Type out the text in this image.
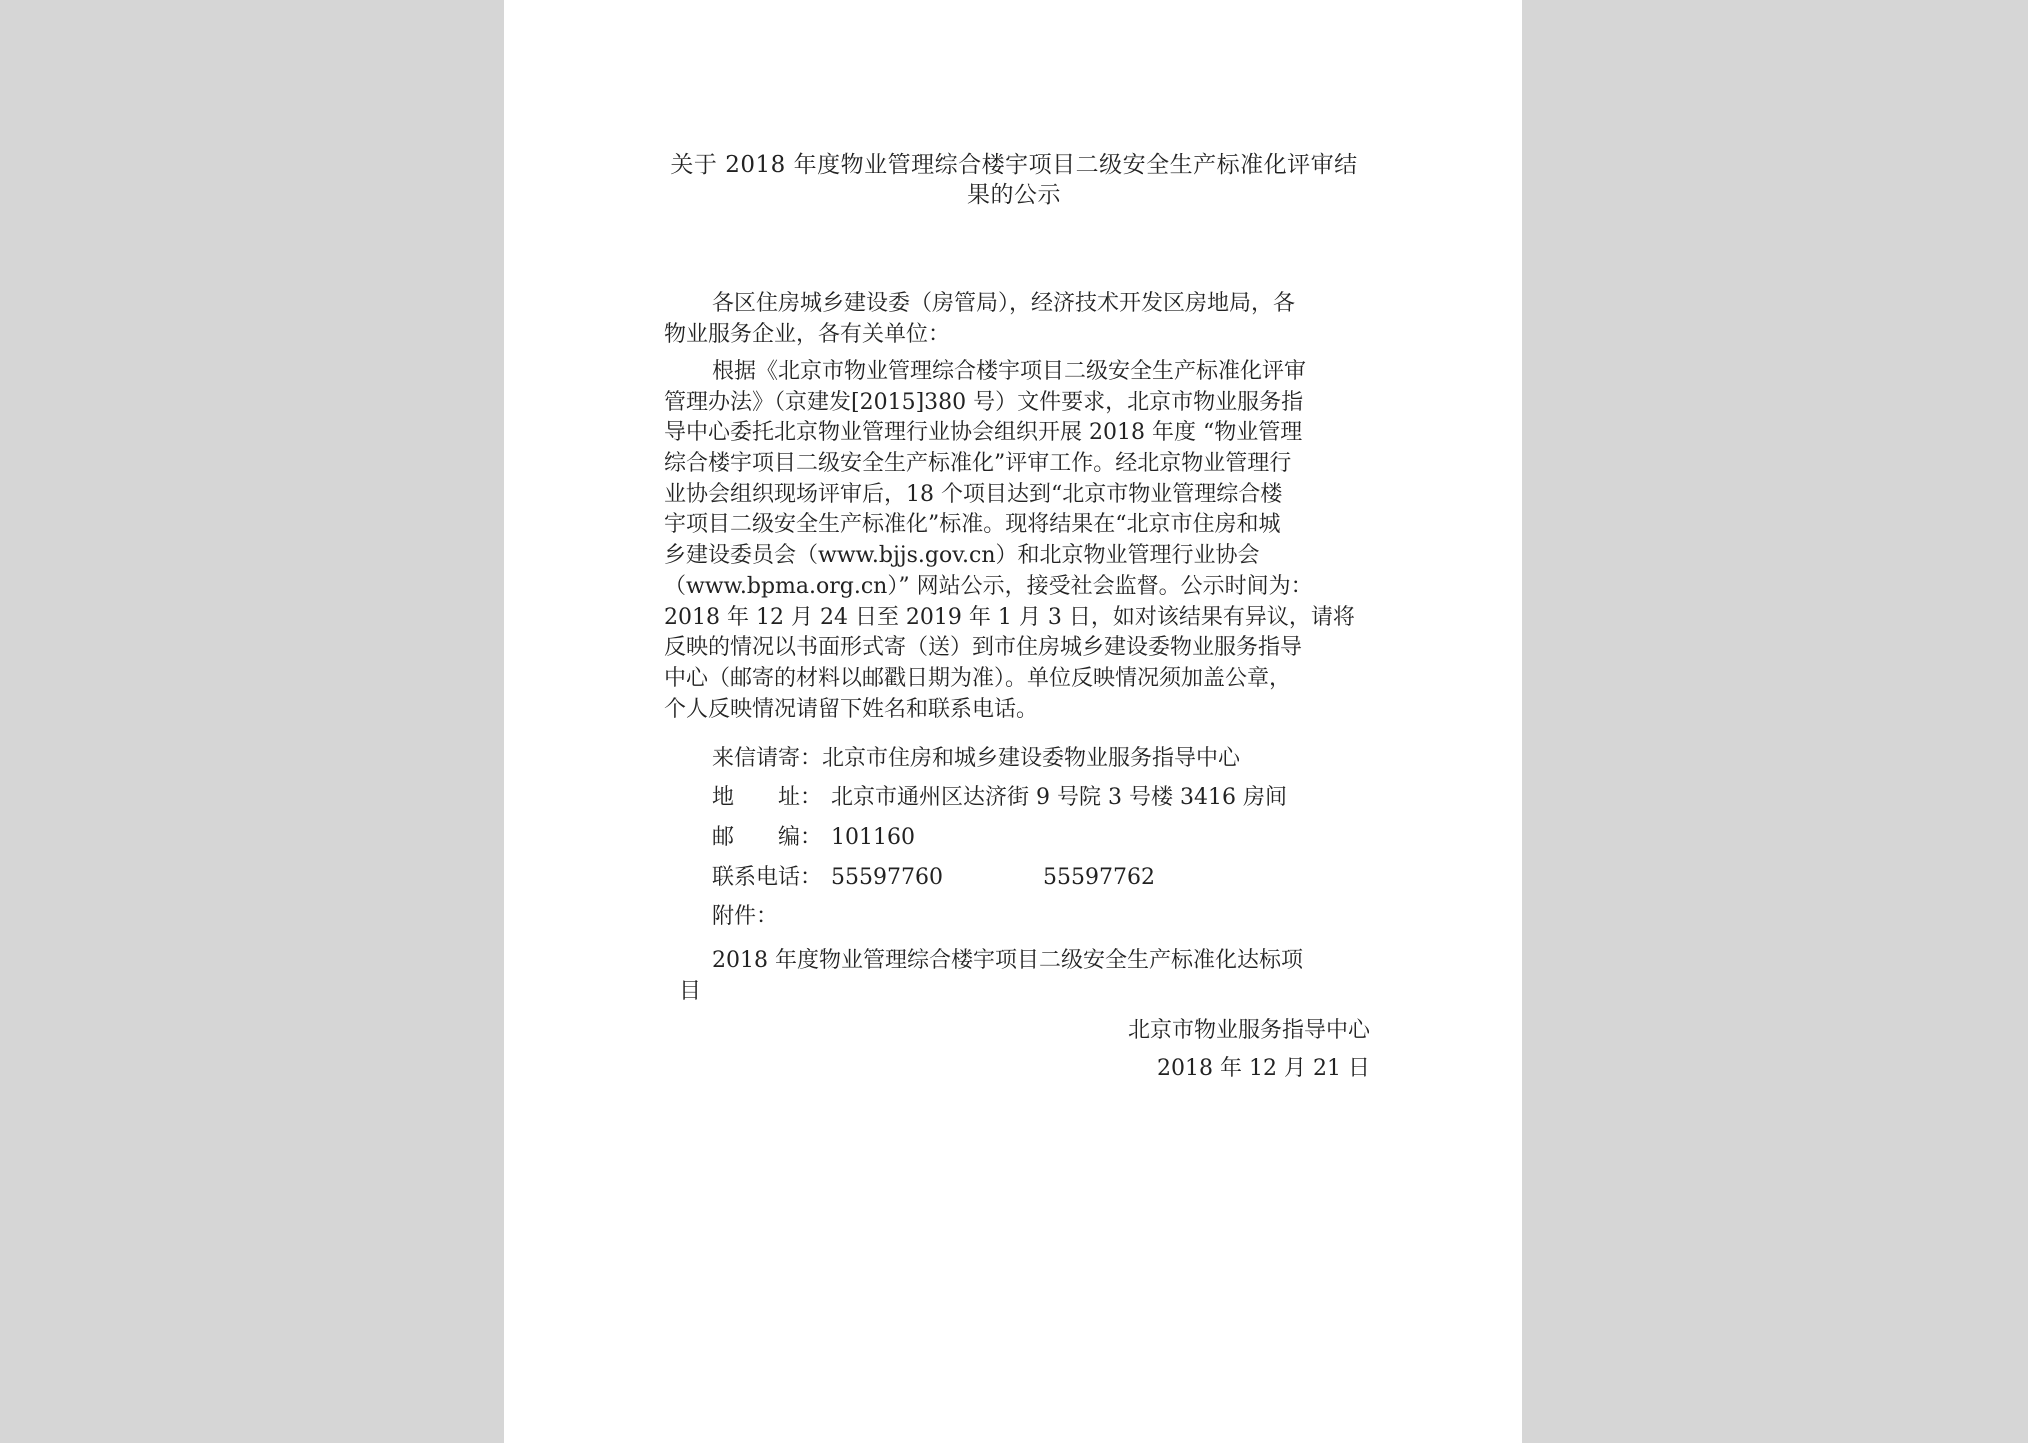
关于 2018 年度物业管理综合楼宇项目二级安全生产标准化评审结
果的公示
各区住房城乡建设委（房管局），经济技术开发区房地局，各
物业服务企业，各有关单位：
根据《北京市物业管理综合楼宇项目二级安全生产标准化评审
管理办法》（京建发[2015]380 号）文件要求，北京市物业服务指
导中心委托北京物业管理行业协会组织开展 2018 年度 “物业管理
综合楼宇项目二级安全生产标准化”评审工作。经北京物业管理行
业协会组织现场评审后，18 个项目达到“北京市物业管理综合楼
宇项目二级安全生产标准化”标准。现将结果在“北京市住房和城
乡建设委员会（www.bjjs.gov.cn）和北京物业管理行业协会
（www.bpma.org.cn）” 网站公示，接受社会监督。公示时间为：
2018 年 12 月 24 日至 2019 年 1 月 3 日，如对该结果有异议，请将
反映的情况以书面形式寄（送）到市住房城乡建设委物业服务指导
中心（邮寄的材料以邮戳日期为准）。单位反映情况须加盖公章，
个人反映情况请留下姓名和联系电话。
来信请寄：北京市住房和城乡建设委物业服务指导中心
地 址： 北京市通州区达济街 9 号院 3 号楼 3416 房间
邮 编： 101160
联系电话： 55597760	55597762
附件：
2018 年度物业管理综合楼宇项目二级安全生产标准化达标项
目
北京市物业服务指导中心
2018 年 12 月 21 日
